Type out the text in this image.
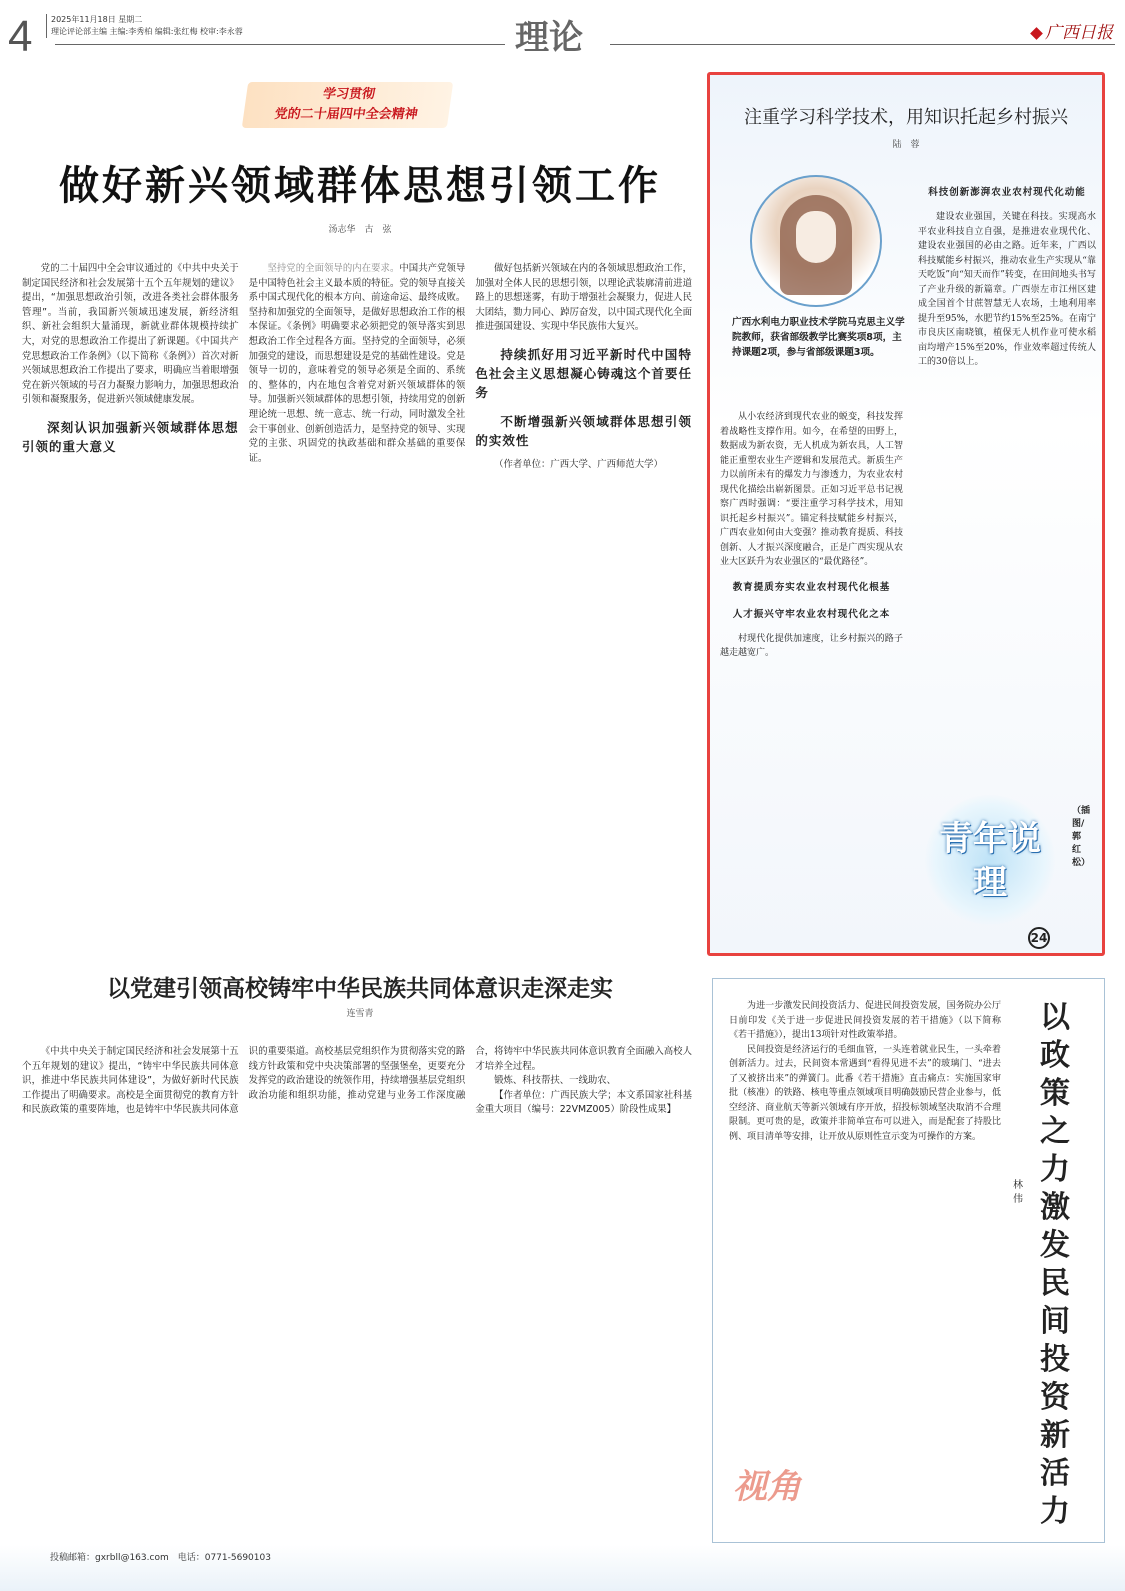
4 2025年11月18日 星期二
理论评论部主编 主编:李秀柏 编辑:张红梅 校审:李永蓉	理论	广西日报
学习贯彻
党的二十届四中全会精神
做好新兴领域群体思想引领工作
汤志华　古　弦

党的二十届四中全会审议通过的《中共中央关于制定国民经济和社会发展第十五个五年规划的建议》提出，“加强思想政治引领，改进各类社会群体服务管理”。当前，我国新兴领域迅速发展，新经济组织、新社会组织大量涌现，新就业群体规模持续扩大，对党的思想政治工作提出了新课题。《中国共产党思想政治工作条例》（以下简称《条例》）首次对新兴领域思想政治工作提出了要求，明确应当着眼增强党在新兴领域的号召力凝聚力影响力，加强思想政治引领和凝聚服务，促进新兴领域健康发展。

深刻认识加强新兴领域群体思想引领的重大意义

坚持党的全面领导的内在要求。中国共产党领导是中国特色社会主义最本质的特征。党的领导直接关系中国式现代化的根本方向、前途命运、最终成败。坚持和加强党的全面领导，是做好思想政治工作的根本保证。《条例》明确要求必须把党的领导落实到思想政治工作全过程各方面。坚持党的全面领导，必须加强党的建设，而思想建设是党的基础性建设。党是领导一切的，意味着党的领导必须是全面的、系统的、整体的，内在地包含着党对新兴领域群体的领导。加强新兴领域群体的思想引领，持续用党的创新理论统一思想、统一意志、统一行动，同时激发全社会干事创业、创新创造活力，是坚持党的领导、实现党的主张、巩固党的执政基础和群众基础的重要保证。

做好包括新兴领域在内的各领域思想政治工作，加强对全体人民的思想引领，以理论武装廓清前进道路上的思想迷雾，有助于增强社会凝聚力，促进人民大团结，勠力同心、踔厉奋发，以中国式现代化全面推进强国建设、实现中华民族伟大复兴。

持续抓好用习近平新时代中国特色社会主义思想凝心铸魂这个首要任务
不断增强新兴领域群体思想引领的实效性

（作者单位：广西大学、广西师范大学）

注重学习科学技术，用知识托起乡村振兴
陆　蓉
广西水利电力职业技术学院马克思主义学院教师，获省部级教学比赛奖项8项，主持课题2项，参与省部级课题3项。
科技创新澎湃农业农村现代化动能

建设农业强国，关键在科技。实现高水平农业科技自立自强，是推进农业现代化、建设农业强国的必由之路。近年来，广西以科技赋能乡村振兴，推动农业生产实现从“靠天吃饭”向“知天而作”转变，在田间地头书写了产业升级的新篇章。广西崇左市江州区建成全国首个甘蔗智慧无人农场，土地利用率提升至95%，水肥节约15%至25%。在南宁市良庆区南晓镇，植保无人机作业可使水稻亩均增产15%至20%，作业效率超过传统人工的30倍以上。

从小农经济到现代农业的蜕变，科技发挥着战略性支撑作用。如今，在希望的田野上，数据成为新农资，无人机成为新农具，人工智能正重塑农业生产逻辑和发展范式。新质生产力以前所未有的爆发力与渗透力，为农业农村现代化描绘出崭新图景。正如习近平总书记视察广西时强调：“要注重学习科学技术，用知识托起乡村振兴”。锚定科技赋能乡村振兴，广西农业如何由大变强？推动教育提质、科技创新、人才振兴深度融合，正是广西实现从农业大区跃升为农业强区的“最优路径”。

教育提质夯实农业农村现代化根基
人才振兴守牢农业农村现代化之本

村现代化提供加速度，让乡村振兴的路子越走越宽广。

青年说理
24
（插图/郭红松）
以党建引领高校铸牢中华民族共同体意识走深走实
连雪青

《中共中央关于制定国民经济和社会发展第十五个五年规划的建议》提出，“铸牢中华民族共同体意识，推进中华民族共同体建设”，为做好新时代民族工作提出了明确要求。高校是全面贯彻党的教育方针和民族政策的重要阵地，也是铸牢中华民族共同体意识的重要渠道。高校基层党组织作为贯彻落实党的路线方针政策和党中央决策部署的坚强堡垒，更要充分发挥党的政治建设的统领作用，持续增强基层党组织政治功能和组织功能，推动党建与业务工作深度融合，将铸牢中华民族共同体意识教育全面融入高校人才培养全过程。

锻炼、科技帮扶、一线助农、

【作者单位：广西民族大学；本文系国家社科基金重大项目（编号：22VMZ005）阶段性成果】

以政策之力激发民间投资新活力
林　伟

为进一步激发民间投资活力、促进民间投资发展，国务院办公厅日前印发《关于进一步促进民间投资发展的若干措施》（以下简称《若干措施》），提出13项针对性政策举措。

民间投资是经济运行的毛细血管，一头连着就业民生，一头牵着创新活力。过去，民间资本常遇到“看得见进不去”的玻璃门、“进去了又被挤出来”的弹簧门。此番《若干措施》直击痛点：实施国家审批（核准）的铁路、核电等重点领域项目明确鼓励民营企业参与，低空经济、商业航天等新兴领域有序开放，招投标领域坚决取消不合理限制。更可贵的是，政策并非简单宣布可以进入，而是配套了持股比例、项目清单等安排，让开放从原则性宣示变为可操作的方案。

视角
投稿邮箱：gxrbll@163.com　电话：0771-5690103
